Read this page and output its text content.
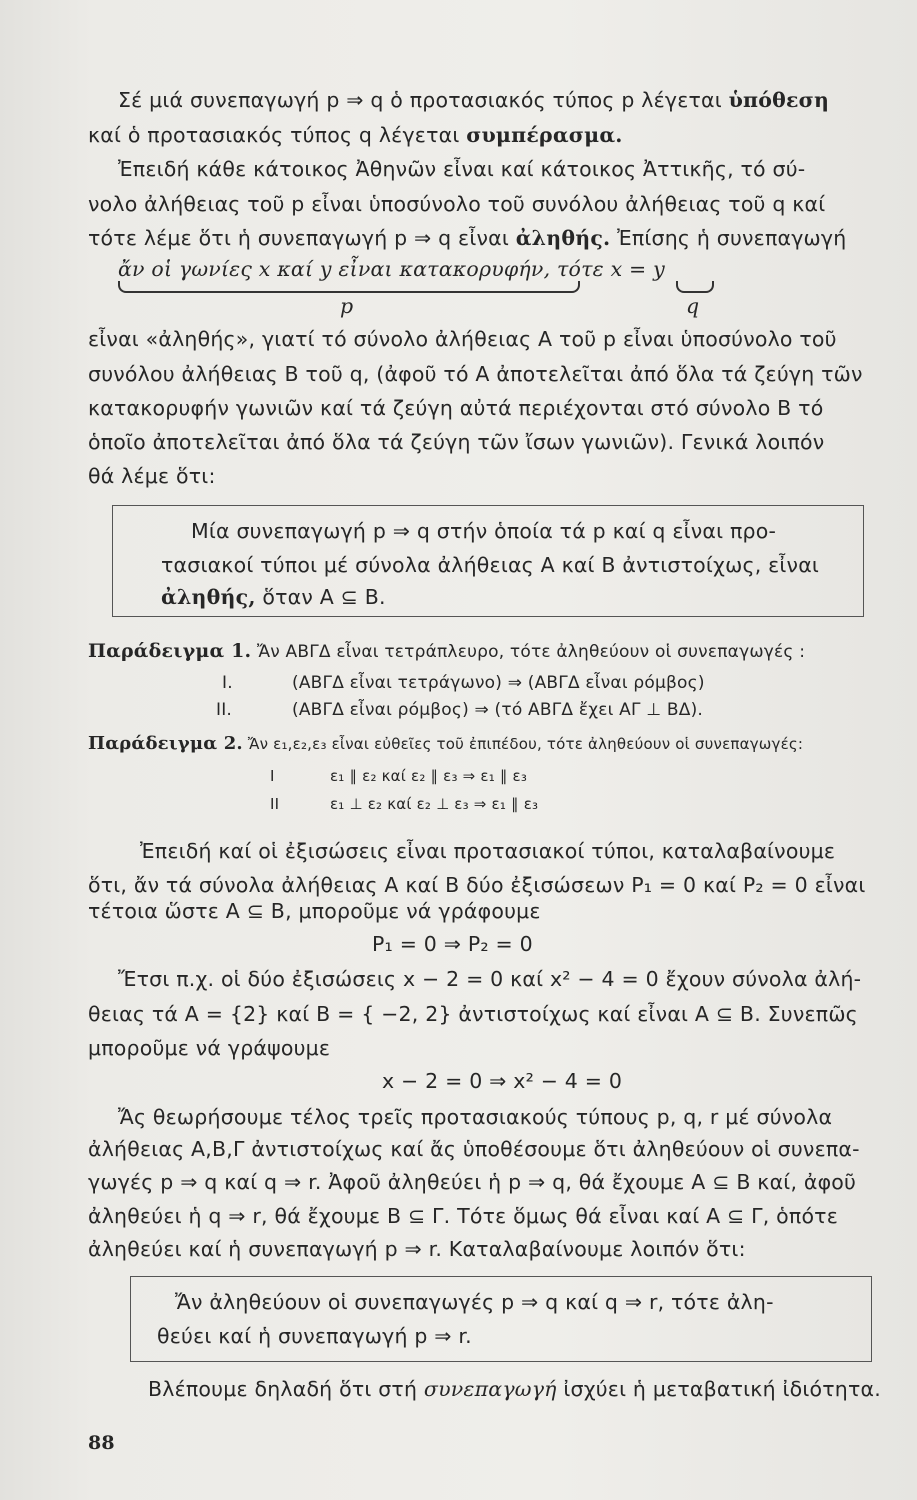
Σέ μιά συνεπαγωγή p ⇒ q ὁ προτασιακός τύπος p λέγεται ὑπόθεση
καί ὁ προτασιακός τύπος q λέγεται συμπέρασμα.
Ἐπειδή κάθε κάτοικος Ἀθηνῶν εἶναι καί κάτοικος Ἀττικῆς, τό σύ-
νολο ἀλήθειας τοῦ p εἶναι ὑποσύνολο τοῦ συνόλου ἀλήθειας τοῦ q καί
τότε λέμε ὅτι ἡ συνεπαγωγή p ⇒ q εἶναι ἀληθής. Ἐπίσης ἡ συνεπαγωγή
ἄν οἱ γωνίες x καί y εἶναι κατακορυφήν, τότε x = y
p	q
εἶναι «ἀληθής», γιατί τό σύνολο ἀλήθειας Α τοῦ p εἶναι ὑποσύνολο τοῦ
συνόλου ἀλήθειας Β τοῦ q, (ἀφοῦ τό Α ἀποτελεῖται ἀπό ὅλα τά ζεύγη τῶν
κατακορυφήν γωνιῶν καί τά ζεύγη αὐτά περιέχονται στό σύνολο Β τό
ὁποῖο ἀποτελεῖται ἀπό ὅλα τά ζεύγη τῶν ἴσων γωνιῶν). Γενικά λοιπόν
θά λέμε ὅτι:
Μία συνεπαγωγή p ⇒ q στήν ὁποία τά p καί q εἶναι προ-
τασιακοί τύποι μέ σύνολα ἀλήθειας Α καί Β ἀντιστοίχως, εἶναι
ἀληθής, ὅταν Α ⊆ Β.
Παράδειγμα 1. Ἄν ΑΒΓΔ εἶναι τετράπλευρο, τότε ἀληθεύουν οἱ συνεπαγωγές :
I.	(ΑΒΓΔ εἶναι τετράγωνο) ⇒ (ΑΒΓΔ εἶναι ρόμβος)
II.	(ΑΒΓΔ εἶναι ρόμβος) ⇒ (τό ΑΒΓΔ ἔχει ΑΓ ⊥ ΒΔ).
Παράδειγμα 2. Ἄν ε₁,ε₂,ε₃ εἶναι εὐθεῖες τοῦ ἐπιπέδου, τότε ἀληθεύουν οἱ συνεπαγωγές:
I	ε₁ ∥ ε₂ καί ε₂ ∥ ε₃ ⇒ ε₁ ∥ ε₃
II	ε₁ ⊥ ε₂ καί ε₂ ⊥ ε₃ ⇒ ε₁ ∥ ε₃
Ἐπειδή καί οἱ ἐξισώσεις εἶναι προτασιακοί τύποι, καταλαβαίνουμε
ὅτι, ἄν τά σύνολα ἀλήθειας Α καί Β δύο ἐξισώσεων P₁ = 0 καί P₂ = 0 εἶναι
τέτοια ὥστε Α ⊆ Β, μποροῦμε νά γράφουμε
P₁ = 0 ⇒ P₂ = 0
Ἔτσι π.χ. οἱ δύο ἐξισώσεις x − 2 = 0 καί x² − 4 = 0 ἔχουν σύνολα ἀλή-
θειας τά Α = {2} καί Β = { −2, 2} ἀντιστοίχως καί εἶναι Α ⊆ Β. Συνεπῶς
μποροῦμε νά γράψουμε
x − 2 = 0 ⇒ x² − 4 = 0
Ἄς θεωρήσουμε τέλος τρεῖς προτασιακούς τύπους p, q, r μέ σύνολα
ἀλήθειας Α,Β,Γ ἀντιστοίχως καί ἄς ὑποθέσουμε ὅτι ἀληθεύουν οἱ συνεπα-
γωγές p ⇒ q καί q ⇒ r. Ἀφοῦ ἀληθεύει ἡ p ⇒ q, θά ἔχουμε Α ⊆ Β καί, ἀφοῦ
ἀληθεύει ἡ q ⇒ r, θά ἔχουμε Β ⊆ Γ. Τότε ὅμως θά εἶναι καί Α ⊆ Γ, ὁπότε
ἀληθεύει καί ἡ συνεπαγωγή p ⇒ r. Καταλαβαίνουμε λοιπόν ὅτι:
Ἄν ἀληθεύουν οἱ συνεπαγωγές p ⇒ q καί q ⇒ r, τότε ἀλη-
θεύει καί ἡ συνεπαγωγή p ⇒ r.
Βλέπουμε δηλαδή ὅτι στή συνεπαγωγή ἰσχύει ἡ μεταβατική ἰδιότητα.
88
